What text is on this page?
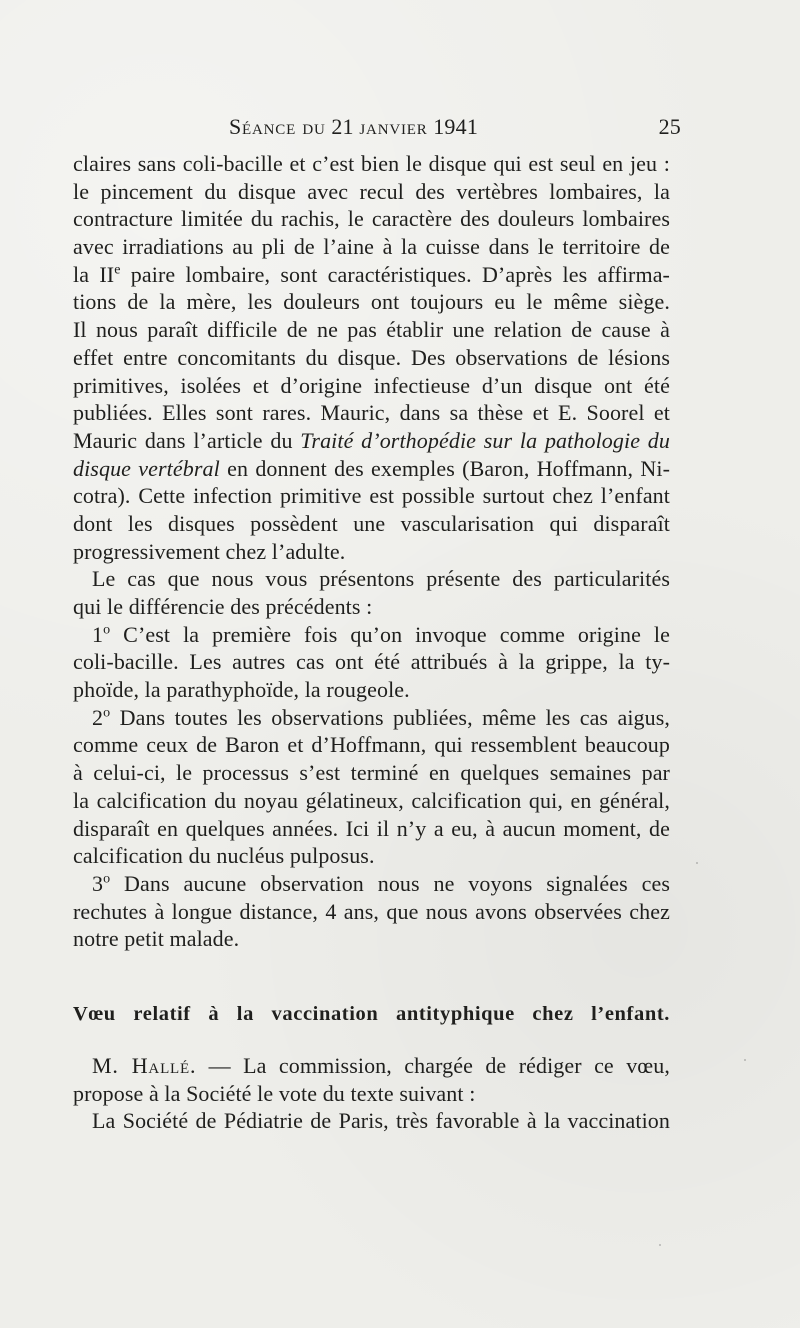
Séance du 21 janvier 1941	25
claires sans coli-bacille et c’est bien le disque qui est seul en jeu :
le pincement du disque avec recul des vertèbres lombaires, la
contracture limitée du rachis, le caractère des douleurs lombaires
avec irradiations au pli de l’aine à la cuisse dans le territoire de
la IIe paire lombaire, sont caractéristiques. D’après les affirma-
tions de la mère, les douleurs ont toujours eu le même siège.
Il nous paraît difficile de ne pas établir une relation de cause à
effet entre concomitants du disque. Des observations de lésions
primitives, isolées et d’origine infectieuse d’un disque ont été
publiées. Elles sont rares. Mauric, dans sa thèse et E. Soorel et
Mauric dans l’article du Traité d’orthopédie sur la pathologie du
disque vertébral en donnent des exemples (Baron, Hoffmann, Ni-
cotra). Cette infection primitive est possible surtout chez l’enfant
dont les disques possèdent une vascularisation qui disparaît
progressivement chez l’adulte.
Le cas que nous vous présentons présente des particularités
qui le différencie des précédents :
1$^o$ C’est la première fois qu’on invoque comme origine le
coli-bacille. Les autres cas ont été attribués à la grippe, la ty-
phoïde, la parathyphoïde, la rougeole.
2$^o$ Dans toutes les observations publiées, même les cas aigus,
comme ceux de Baron et d’Hoffmann, qui ressemblent beaucoup
à celui-ci, le processus s’est terminé en quelques semaines par
la calcification du noyau gélatineux, calcification qui, en général,
disparaît en quelques années. Ici il n’y a eu, à aucun moment, de
calcification du nucléus pulposus.
3$^o$ Dans aucune observation nous ne voyons signalées ces
rechutes à longue distance, 4 ans, que nous avons observées chez
notre petit malade.
Vœu relatif à la vaccination antityphique chez l’enfant.
M. Hallé. — La commission, chargée de rédiger ce vœu,
propose à la Société le vote du texte suivant :
La Société de Pédiatrie de Paris, très favorable à la vaccination
